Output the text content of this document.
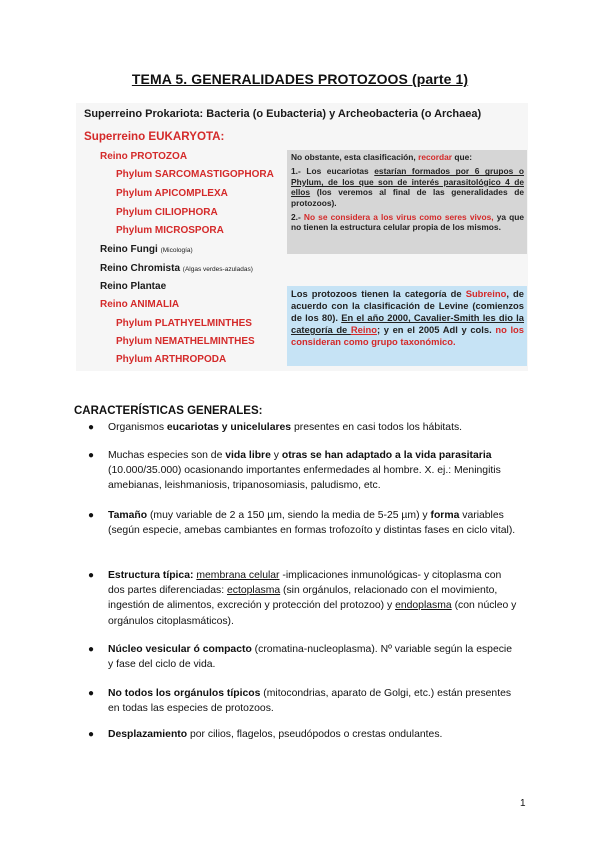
TEMA 5. GENERALIDADES PROTOZOOS (parte 1)
Superreino Prokariota: Bacteria (o Eubacteria) y Archeobacteria (o Archaea)
Superreino EUKARYOTA:
Reino PROTOZOA
Phylum SARCOMASTIGOPHORA
Phylum APICOMPLEXA
Phylum CILIOPHORA
Phylum MICROSPORA
Reino Fungi (Micología)
Reino Chromista (Algas verdes-azuladas)
Reino Plantae
Reino ANIMALIA
Phylum PLATHYELMINTHES
Phylum NEMATHELMINTHES
Phylum ARTHROPODA

No obstante, esta clasificación, recordar que:

1.- Los eucariotas estarían formados por 6 grupos o Phylum, de los que son de interés parasitológico 4 de ellos (los veremos al final de las generalidades de protozoos).

2.- No se considera a los virus como seres vivos, ya que no tienen la estructura celular propia de los mismos.

Los protozoos tienen la categoría de Subreino, de acuerdo con la clasificación de Levine (comienzos de los 80). En el año 2000, Cavalier-Smith les dio la categoría de Reino; y en el 2005 Adl y cols. no los consideran como grupo taxonómico.
CARACTERÍSTICAS GENERALES:
● Organismos eucariotas y unicelulares presentes en casi todos los hábitats.
● Muchas especies son de vida libre y otras se han adaptado a la vida parasitaria (10.000/35.000) ocasionando importantes enfermedades al hombre. X. ej.: Meningitis amebianas, leishmaniosis, tripanosomiasis, paludismo, etc.
● Tamaño (muy variable de 2 a 150 µm, siendo la media de 5-25 µm) y forma variables (según especie, amebas cambiantes en formas trofozoíto y distintas fases en ciclo vital).
● Estructura típica: membrana celular -implicaciones inmunológicas- y citoplasma con dos partes diferenciadas: ectoplasma (sin orgánulos, relacionado con el movimiento, ingestión de alimentos, excreción y protección del protozoo) y endoplasma (con núcleo y orgánulos citoplasmáticos).
● Núcleo vesicular ó compacto (cromatina-nucleoplasma). Nº variable según la especie y fase del ciclo de vida.
● No todos los orgánulos típicos (mitocondrias, aparato de Golgi, etc.) están presentes en todas las especies de protozoos.
● Desplazamiento por cilios, flagelos, pseudópodos o crestas ondulantes.
1
